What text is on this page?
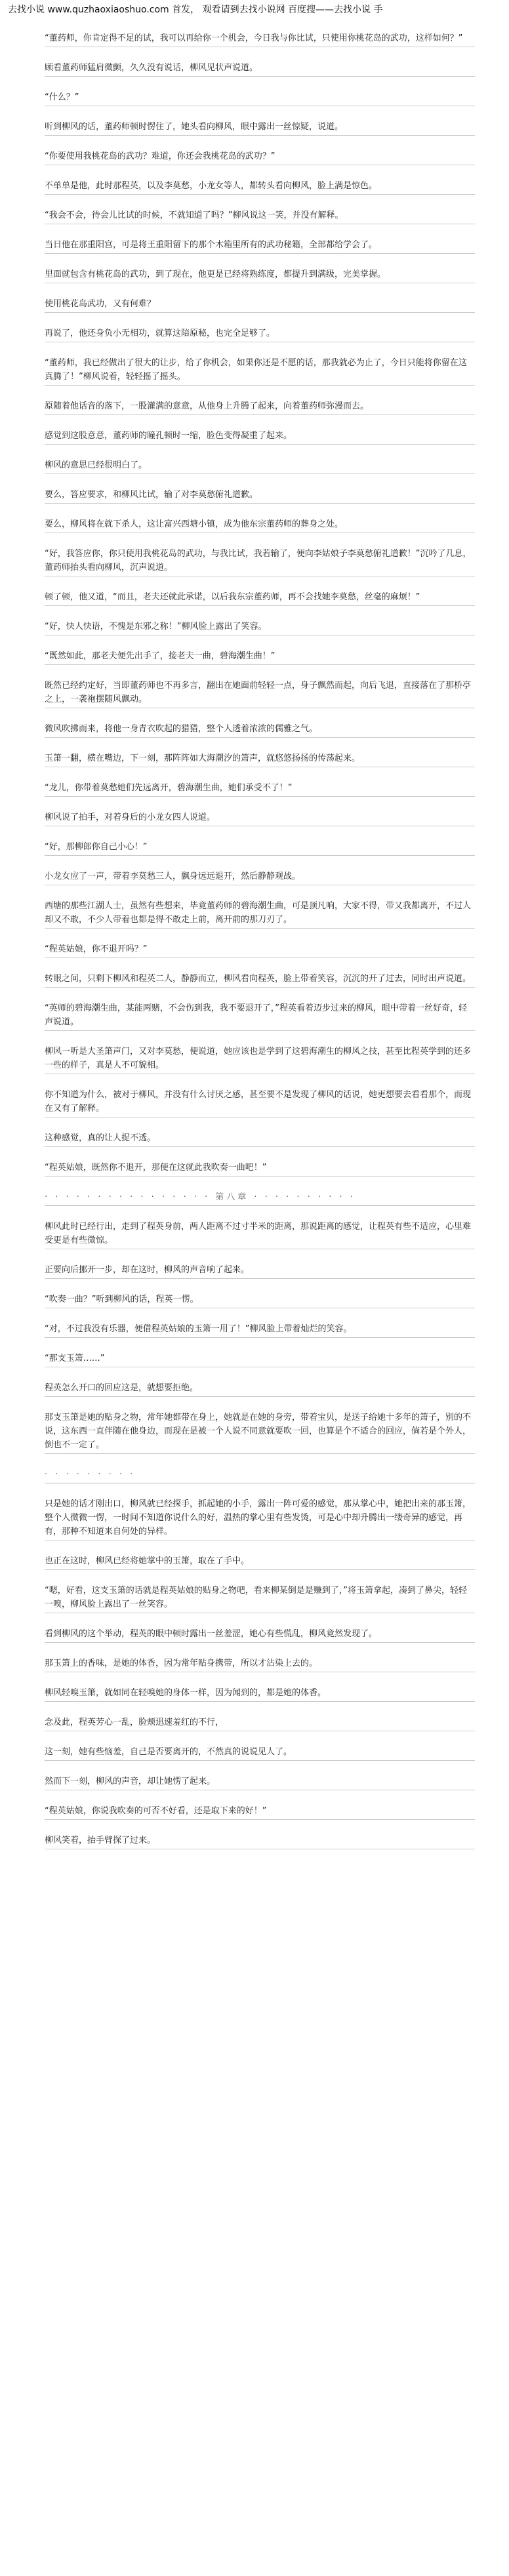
去找小说 www.quzhaoxiaoshuo.com 首发， 观看请到去找小说网 百度搜——去找小说 手

“董药师，你肯定得不足的试，我可以再给你一个机会，今日我与你比试，只使用你桃花岛的武功，这样如何？”

顾看董药师猛肩微颤，久久没有说话，柳风见状声说道。

“什么？”

听到柳风的话，董药师顿时愣住了，她头看向柳风，眼中露出一丝惊疑，说道。

“你要使用我桃花岛的武功？难道，你还会我桃花岛的武功？”

不单单是他，此时那程英，以及李莫愁，小龙女等人，都转头看向柳风，脸上满是惊色。

“我会不会，待会儿比试的时候，不就知道了吗？”柳风说这一笑，并没有解释。

当日他在那重阳宫，可是将王重阳留下的那个木箱里所有的武功秘籍，全部都给学会了。

里面就包含有桃花岛的武功，到了现在，他更是已经将熟练度，都提升到满级，完美掌握。

使用桃花岛武功，又有何难？

再说了，他还身负小无相功，就算这陪原秘，也完全足够了。

“董药师，我已经做出了很大的让步，给了你机会，如果你还是不愿的话，那我就必为止了，今日只能将你留在这真腾了！”柳风说着，轻轻摇了摇头。

原随着他话音的落下，一股灌满的意意，从他身上升腾了起来，向着董药师弥漫而去。

感觉到这股意意，董药师的瞳孔顿时一缩，脸色变得凝重了起来。

柳风的意思已经很明白了。

要么，答应要求，和柳风比试，输了对李莫愁俯礼道歉。

要么，柳风将在就下杀人，这让富兴西塘小镇，成为他东宗董药师的葬身之处。

“好，我答应你，你只使用我桃花岛的武功，与我比试，我若输了，便向李姑娘子李莫愁俯礼道歉！”沉吟了几息，董药师抬头看向柳风，沉声说道。

顿了顿，他又道，“而且，老夫还就此承诺，以后我东宗董药师，再不会找她李莫愁，丝毫的麻烦！”

“好，快人快语，不愧是东邪之称！”柳风脸上露出了笑容。

“既然如此，那老夫便先出手了，接老夫一曲，碧海潮生曲！”

既然已经约定好，当即董药师也不再多言，翻出在她面前轻轻一点，身子飘然而起，向后飞退，直接落在了那桥亭之上，一袭袍摆随风飘动。

微风吹拂而来，将他一身青衣吹起的猎猎，整个人透着浓浓的儒雅之气。

玉箫一翻，横在嘴边，下一刻，那阵阵如大海潮汐的箫声，就悠悠扬扬的传荡起来。

“龙儿，你带着莫愁她们先远离开，碧海潮生曲，她们承受不了！”

柳风说了拍手，对着身后的小龙女四人说道。

“好，那柳郎你自己小心！”

小龙女应了一声，带着李莫愁三人，飘身远远退开，然后静静观战。

西塘的那些江湖人士，虽然有些想来，毕竟董药师的碧海潮生曲，可是顶凡响，大家不得，带又我都离开，不过人却又不敢，不少人带着也都是得不敢走上前，离开前的那刀刃了。

“程英姑娘，你不退开吗？”

转眼之间，只剩下柳风和程英二人，静静而立，柳风看向程英，脸上带着笑容，沉沉的开了过去，同时出声说道。

“英师的碧海潮生曲，某能两赌，不会伤到我，我不要退开了，”程英看着迈步过来的柳风，眼中带着一丝好奇，轻声说道。

柳风一听是大圣箫声门，又对李莫愁，便说道，她应该也是学到了这碧海潮生的柳风之技，甚至比程英学到的还多一些的样子，真是人不可貌相。

你不知道为什么，被对于柳风，并没有什么讨厌之感，甚至要不是发现了柳风的话说，她更想要去看看那个，而现在又有了解释。

这种感觉，真的让人捉不透。

“程英姑娘，既然你不退开，那便在这就此我吹奏一曲吧！”

· · · · · · · · · · · · · · · · 第八章 · · · · · · · · · ·

柳风此时已经行出，走到了程英身前，两人距离不过寸半米的距离，那说距离的感觉，让程英有些不适应，心里难受更是有些微惊。

正要向后挪开一步，却在这时，柳风的声音响了起来。

“吹奏一曲？”听到柳风的话，程英一愣。

“对，不过我没有乐器，便借程英姑娘的玉箫一用了！”柳风脸上带着灿烂的笑容。

“那支玉箫……”

程英怎么开口的回应这是，就想要拒绝。

那支玉箫是她的贴身之物，常年她都带在身上，她就是在她的身旁，带着宝贝，是送子给她十多年的箫子，别的不说，这东西一直伴随在他身边，而现在是被一个人说不同意就要吹一回，也算是个不适合的回应，倘若是个外人，倒也不一定了。

· · · · · · · · ·

只是她的话才刚出口，柳风就已经探手，抓起她的小手，露出一阵可爱的感觉，那从掌心中，她把出来的那玉箫，整个人微微一愣，一时间不知道你说什么的好，温热的掌心里有些发烫，可是心中却升腾出一缕奇异的感觉，再有，那种不知道来自何处的异样。

也正在这时，柳风已经将她掌中的玉箫，取在了手中。

“嗯，好看，这支玉箫的话就是程英姑娘的贴身之物吧，看来柳某倒是是赚到了，”将玉箫拿起，凑到了鼻尖，轻轻一嗅，柳风脸上露出了一丝笑容。

看到柳风的这个举动，程英的眼中顿时露出一丝羞涩，她心有些慌乱，柳风竟然发现了。

那玉箫上的香味，是她的体香，因为常年贴身携带，所以才沾染上去的。

柳风轻嗅玉箫，就如同在轻嗅她的身体一样，因为闻到的，都是她的体香。

念及此，程英芳心一乱，脸颊迅速羞红的不行，

这一刻，她有些恼羞，自己是否要离开的，不然真的说说见人了。

然而下一刻，柳风的声音，却让她愣了起来。

“程英姑娘，你说我吹奏的可否不好看，还是取下来的好！”

柳风笑着，抬手臂探了过来。
